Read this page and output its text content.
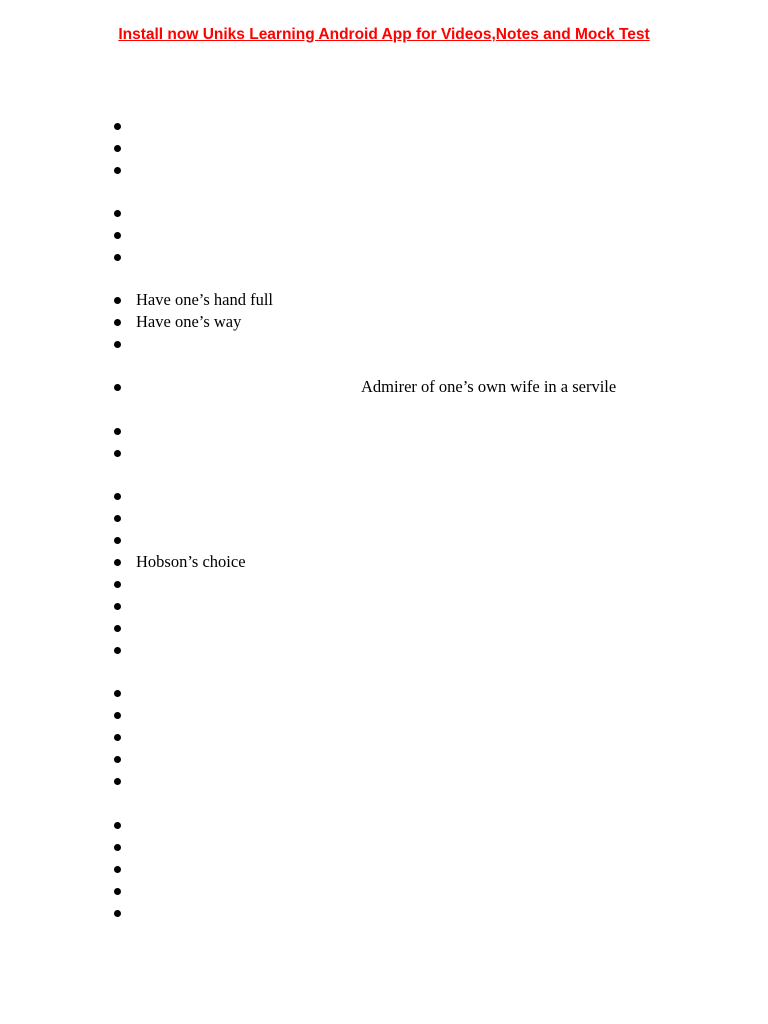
Install now Uniks Learning Android App for Videos,Notes and Mock Test
Have one’s hand full
Have one’s way
Admirer of one’s own wife in a servile
Hobson’s choice
